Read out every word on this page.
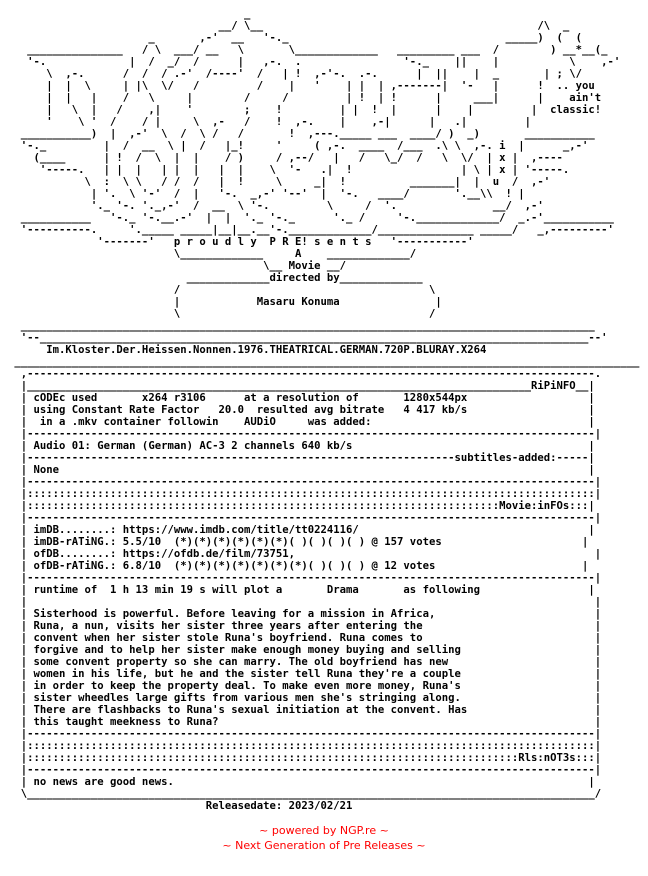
_
__/ \__                                           /\  _
_       ,-'  __   '-._                                  _____)  (  (
_______________   / \  ___/ __   \       \_____________   _________ ___  /        ) __*__(_
'-.             |  /  _/  /      |   ,-.  .                '-._    ||    |           \    ,-'
\  ,-.      /  /  / .-'  /----'  /   | !  ,-'-.  .-.      |  ||    |  _       | ; \/
|  |  \     | |\  \/   /         /    |   '    | |  | ,-------|  '-   |      !  .. you
|  |   |    /   \     |        /     /         | !  | !      |     ___|      |    ain't
|   \  |   /    ,|    '        ;    !         | |  !  |      |    |         |  classic!
'    \ '  /    / |     \  ,-   /    !  ,-.    |    ,-|      |   .|         |
___________)  |  ,-'  \  /  \ /   /       !  ,---._____ ___  ____/ )  _)       ___________
'-._         |  /  __  \ |  /   |_!     '     ( ,-.  ____  /___  .\ \  ,-. i  |      _,-'
(____      | !  /  \  |  |    / )     / ,--/   |   /   \_/  /   \  \/  | x |  ,----
'-----.   | |  |   | |  |   |  |    \  '-   .|  !                 | \ | x | '-----.
\  :  \ \   / /  /   |  !     \     _|  !          _______|  |  u  /  ,-'
| '.  \ '-'  /  |   '-.  _,-' '--'  |  '-.   ____/       '.__\\  ! |
'._ '-. '._,-'  /  __  \ '-.         \     /  '.               __/  ,-'
___________   '-._ '-.__.-'  |  |  '._ '-._      '._ /     '-._____________/  _.-'___________
'----------.     '._____ _____|__|__.__'-._____________/_______________ _____/   _,---------'
'-------'   p r o u d l y  P R E! s e n t s   '-----------'
\_____________     A    _____________/
\__ Movie __/
_____________directed by_____________
/                                       \
|            Masaru Konuma               |
\                                       /
__________________________________________________________________________________________
'--______________________________________________________________________________________--'
Im.Kloster.Der.Heissen.Nonnen.1976.THEATRICAL.GERMAN.720P.BLURAY.X264
__________________________________________________________________________________________________
,-----------------------------------------------------------------------------------------.
|_______________________________________________________________________________RiPiNFO__|
| cODEc used       x264 r3106      at a resolution of       1280x544px                   |
| using Constant Rate Factor   20.0  resulted avg bitrate   4 417 kb/s                   |
|  in a .mkv container followin    AUDiO     was added:                                  |
|-----------------------------------------------------------------------------------------|
| Audio 01: German (German) AC-3 2 channels 640 kb/s                                     |
|-------------------------------------------------------------------subtitles-added:-----|
| None                                                                                   |
|-----------------------------------------------------------------------------------------|
|:::::::::::::::::::::::::::::::::::::::::::::::::::::::::::::::::::::::::::::::::::::::::|
|::::::::::::::::::::::::::::::::::::::::::::::::::::::::::::::::::::::::::Movie:inFOs:::|
|-----------------------------------------------------------------------------------------|
| imDB........: https://www.imdb.com/title/tt0224116/                                    |
| imDB-rATiNG.: 5.5/10  (*)(*)(*)(*)(*)(*)( )( )( )( ) @ 157 votes                      |
| ofDB........: https://ofdb.de/film/73751,                                               |
| ofDB-rATiNG.: 6.8/10  (*)(*)(*)(*)(*)(*)(*)( )( )( ) @ 12 votes                       |
|-----------------------------------------------------------------------------------------|
| runtime of  1 h 13 min 19 s will plot a       Drama       as following                 |
|                                                                                         |
| Sisterhood is powerful. Before leaving for a mission in Africa,                         |
| Runa, a nun, visits her sister three years after entering the                           |
| convent when her sister stole Runa's boyfriend. Runa comes to                           |
| forgive and to help her sister make enough money buying and selling                     |
| some convent property so she can marry. The old boyfriend has new                       |
| women in his life, but he and the sister tell Runa they're a couple                     |
| in order to keep the property deal. To make even more money, Runa's                     |
| sister wheedles large gifts from various men she's stringing along.                     |
| There are flashbacks to Runa's sexual initiation at the convent. Has                    |
| this taught meekness to Runa?                                                           |
|-----------------------------------------------------------------------------------------|
|:::::::::::::::::::::::::::::::::::::::::::::::::::::::::::::::::::::::::::::::::::::::::|
|:::::::::::::::::::::::::::::::::::::::::::::::::::::::::::::::::::::::::::::Rls:nOT3s:::|
|-----------------------------------------------------------------------------------------|
| no news are good news.                                                                 |
\_________________________________________________________________________________________/
Releasedate: 2023/02/21
~ powered by NGP.re ~
~ Next Generation of Pre Releases ~
